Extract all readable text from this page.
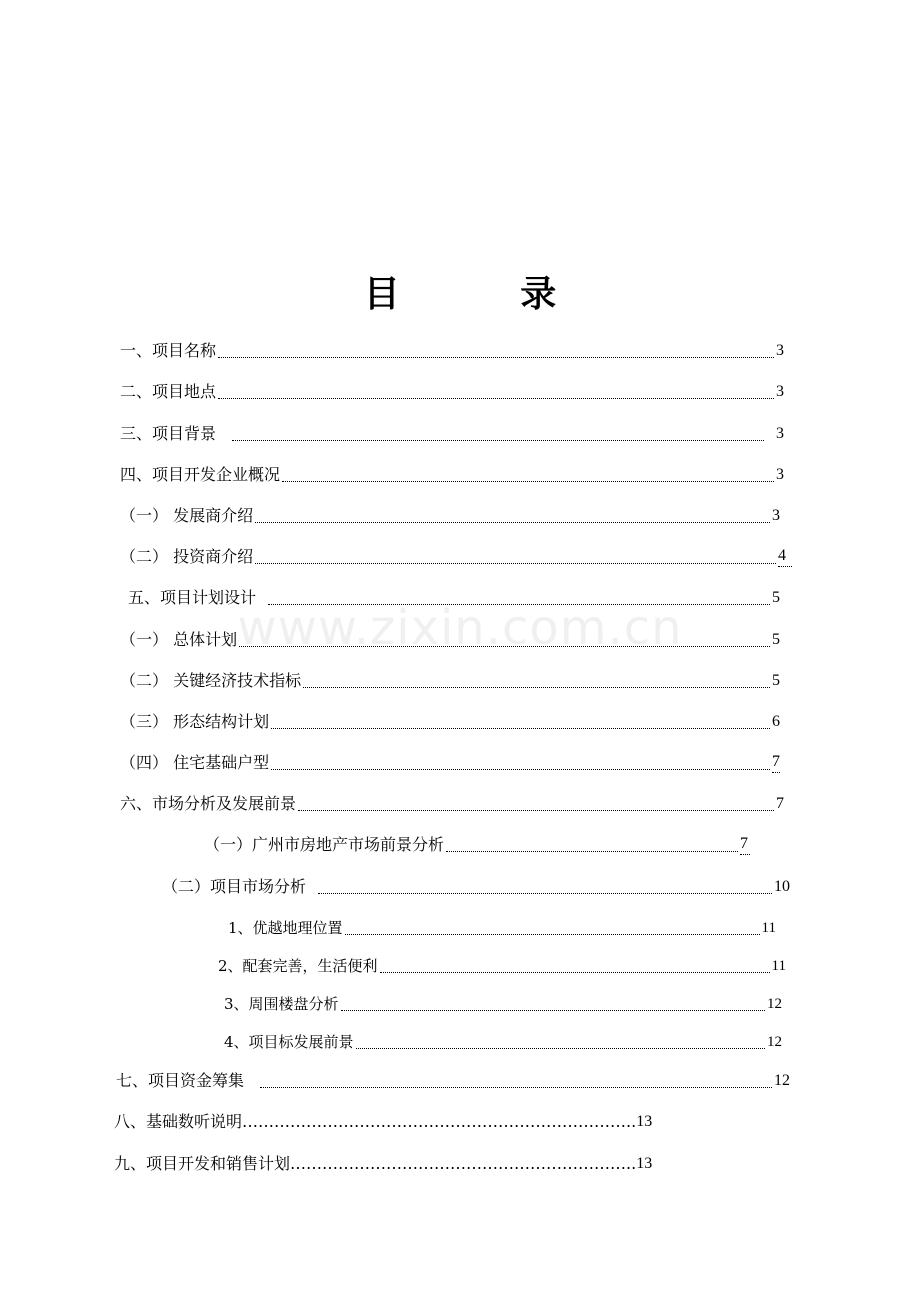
目 录
www.zixin.com.cn
一、项目名称	3
二、项目地点	3
三、项目背景	3
四、项目开发企业概况	3
（一） 发展商介绍	3
（二） 投资商介绍	4
五、项目计划设计	5
（一） 总体计划	5
（二） 关键经济技术指标	5
（三） 形态结构计划	6
（四） 住宅基础户型	7
六、市场分析及发展前景	7
（一）广州市房地产市场前景分析	7
（二）项目市场分析	10
1、优越地理位置	11
2、配套完善，生活便利	11
3、周围楼盘分析	12
4、项目标发展前景	12
七、项目资金筹集	12
八、基础数听说明……………………………………………………………….. 13
九、项目开发和销售计划……………………………………………………….. 13
